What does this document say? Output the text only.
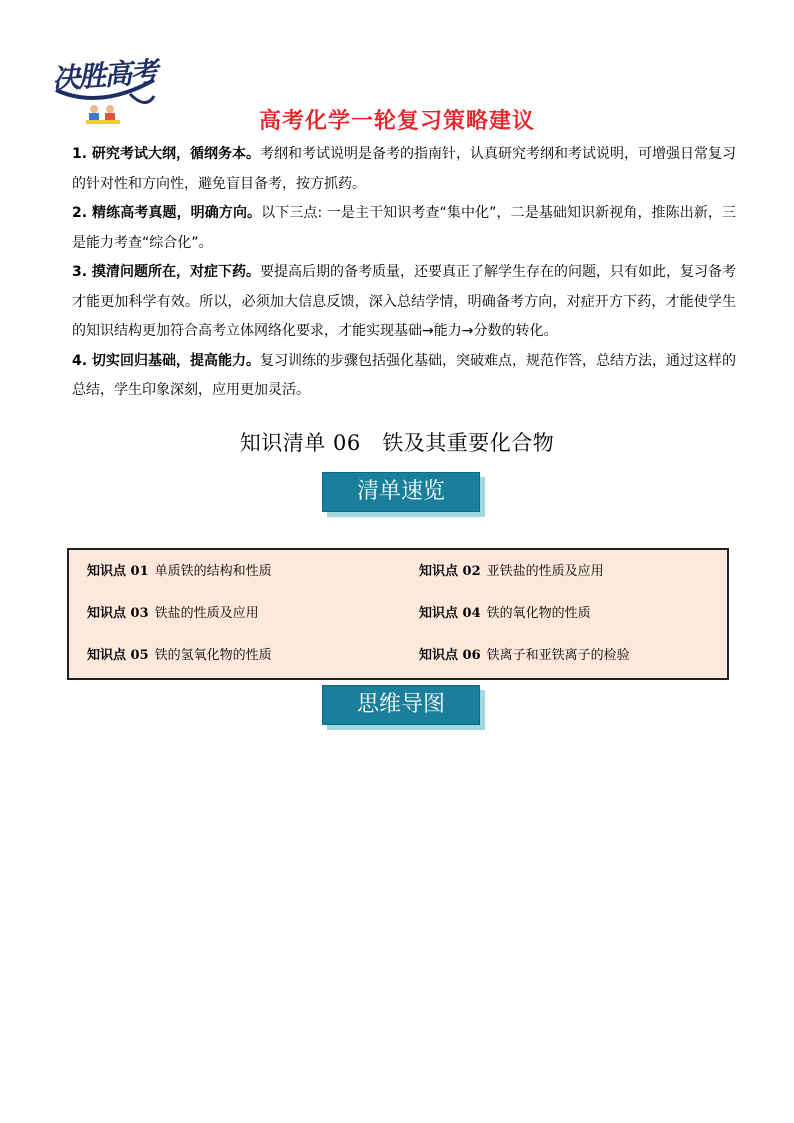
决胜高考
高考化学一轮复习策略建议

1. 研究考试大纲，循纲务本。考纲和考试说明是备考的指南针，认真研究考纲和考试说明，可增强日常复习的针对性和方向性，避免盲目备考，按方抓药。

2. 精练高考真题，明确方向。以下三点: 一是主干知识考查“集中化”，二是基础知识新视角，推陈出新，三是能力考查“综合化”。

3. 摸清问题所在，对症下药。要提高后期的备考质量，还要真正了解学生存在的问题，只有如此，复习备考才能更加科学有效。所以，必须加大信息反馈，深入总结学情，明确备考方向，对症开方下药，才能使学生的知识结构更加符合高考立体网络化要求，才能实现基础→能力→分数的转化。

4. 切实回归基础，提高能力。复习训练的步骤包括强化基础，突破难点，规范作答，总结方法，通过这样的总结，学生印象深刻，应用更加灵活。

知识清单 06　铁及其重要化合物
清单速览
知识点 01 单质铁的结构和性质	知识点 02 亚铁盐的性质及应用
知识点 03 铁盐的性质及应用	知识点 04 铁的氧化物的性质
知识点 05 铁的氢氧化物的性质	知识点 06 铁离子和亚铁离子的检验
思维导图
